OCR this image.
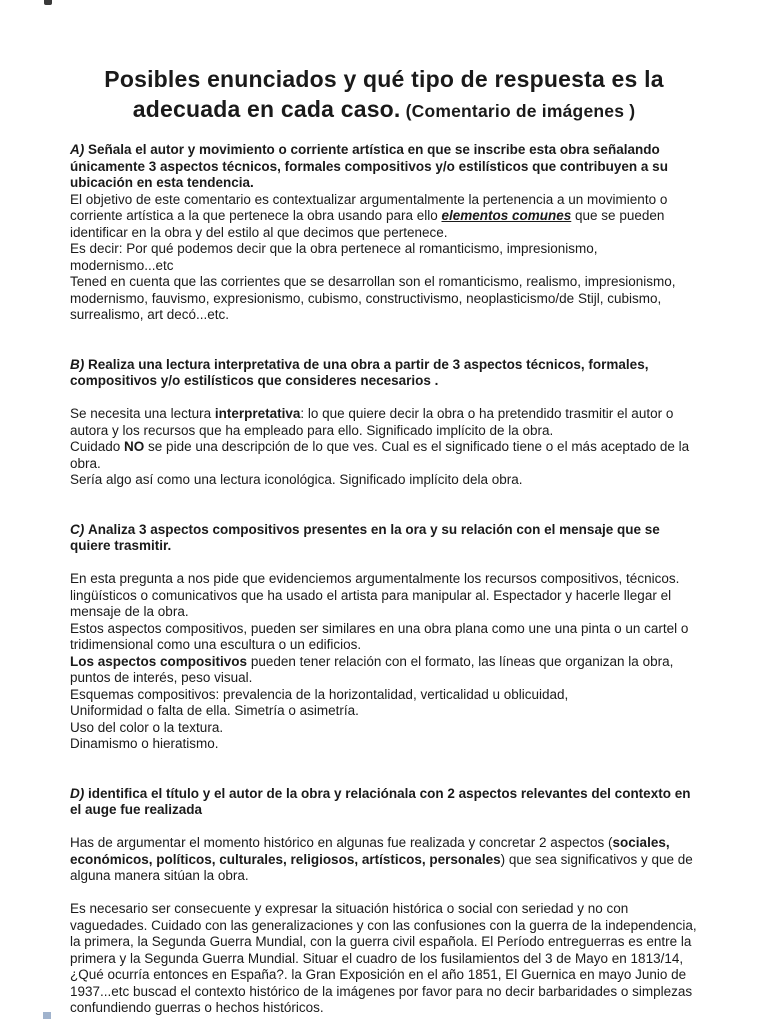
Posibles enunciados y qué tipo de respuesta es la adecuada en cada caso. (Comentario de imágenes )

A) Señala el autor y movimiento o corriente artística en que se inscribe esta obra señalando únicamente 3 aspectos técnicos, formales compositivos y/o estilísticos que contribuyen a su ubicación en esta tendencia.

El objetivo de este comentario es contextualizar argumentalmente la pertenencia a un movimiento o corriente artística a la que pertenece la obra usando para ello elementos comunes que se pueden identificar en la obra y del estilo al que decimos que pertenece.

Es decir: Por qué podemos decir que la obra pertenece al romanticismo, impresionismo, modernismo...etc

Tened en cuenta que las corrientes que se desarrollan son el romanticismo, realismo, impresionismo, modernismo, fauvismo, expresionismo, cubismo, constructivismo, neoplasticismo/de Stijl, cubismo, surrealismo, art decó...etc.

B) Realiza una lectura interpretativa de una obra a partir de 3 aspectos técnicos, formales, compositivos y/o estilísticos que consideres necesarios .

Se necesita una lectura interpretativa: lo que quiere decir la obra o ha pretendido trasmitir el autor o autora y los recursos que ha empleado para ello. Significado implícito de la obra.

Cuidado NO se pide una descripción de lo que ves. Cual es el significado tiene o el más aceptado de la obra.

Sería algo así como una lectura iconológica. Significado implícito dela obra.

C) Analiza 3 aspectos compositivos presentes en la ora y su relación con el mensaje que se quiere trasmitir.

En esta pregunta a nos pide que evidenciemos argumentalmente los recursos compositivos, técnicos. lingüísticos o comunicativos que ha usado el artista para manipular al. Espectador y hacerle llegar el mensaje de la obra.

Estos aspectos compositivos, pueden ser similares en una obra plana como une una pinta o un cartel o tridimensional como una escultura o un edificios.

Los aspectos compositivos pueden tener relación con el formato, las líneas que organizan la obra, puntos de interés, peso visual.

Esquemas compositivos: prevalencia de la horizontalidad, verticalidad u oblicuidad,

Uniformidad o falta de ella. Simetría o asimetría.

Uso del color o la textura.

Dinamismo o hieratismo.

D) identifica el título y el autor de la obra y relaciónala con 2 aspectos relevantes del contexto en el auge fue realizada

Has de argumentar el momento histórico en algunas fue realizada y concretar 2 aspectos (sociales, económicos, políticos, culturales, religiosos, artísticos, personales) que sea significativos y que de alguna manera sitúan la obra.

Es necesario ser consecuente y expresar la situación histórica o social con seriedad y no con vaguedades. Cuidado con las generalizaciones y con las confusiones con la guerra de la independencia, la primera, la Segunda Guerra Mundial, con la guerra civil española. El Período entreguerras es entre la primera y la Segunda Guerra Mundial. Situar el cuadro de los fusilamientos del 3 de Mayo en 1813/14, ¿Qué ocurría entonces en España?. la Gran Exposición en el año 1851, El Guernica en mayo Junio de 1937...etc buscad el contexto histórico de la imágenes por favor para no decir barbaridades o simplezas confundiendo guerras o hechos históricos.
